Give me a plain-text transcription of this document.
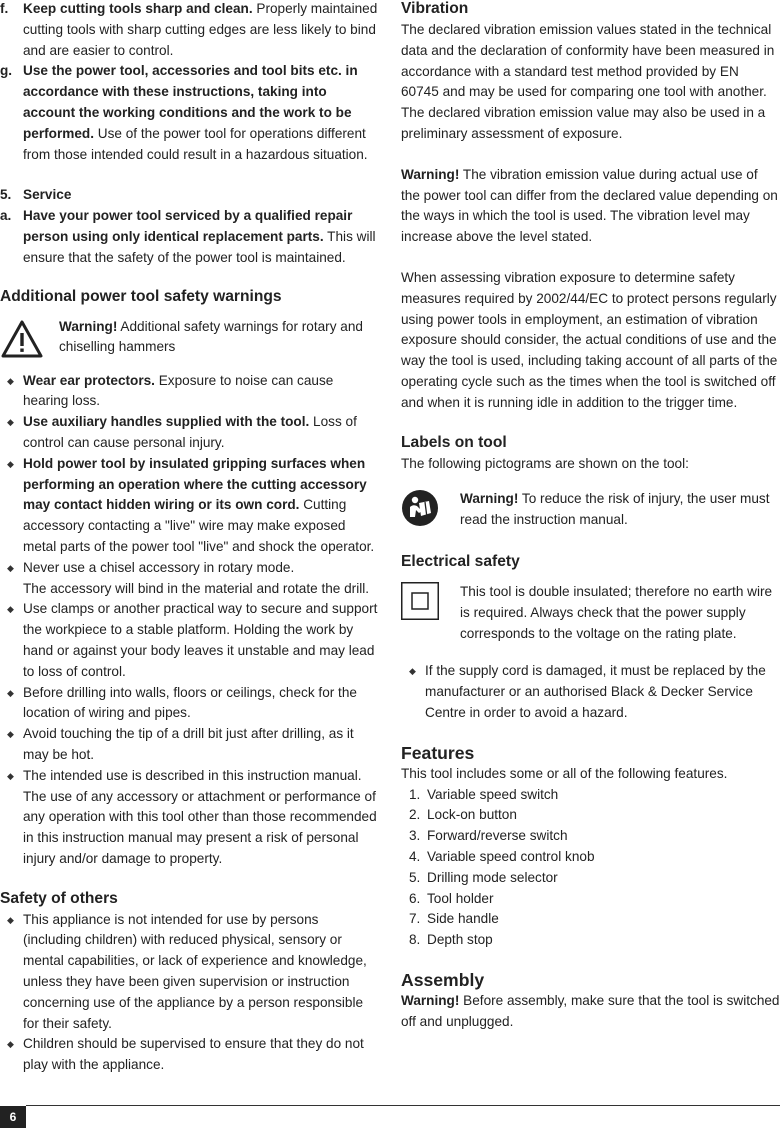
f. Keep cutting tools sharp and clean. Properly maintained cutting tools with sharp cutting edges are less likely to bind and are easier to control.
g. Use the power tool, accessories and tool bits etc. in accordance with these instructions, taking into account the working conditions and the work to be performed. Use of the power tool for operations different from those intended could result in a hazardous situation.
5. Service
a. Have your power tool serviced by a qualified repair person using only identical replacement parts. This will ensure that the safety of the power tool is maintained.
Additional power tool safety warnings
Warning! Additional safety warnings for rotary and chiselling hammers
◆ Wear ear protectors. Exposure to noise can cause hearing loss.
◆ Use auxiliary handles supplied with the tool. Loss of control can cause personal injury.
◆ Hold power tool by insulated gripping surfaces when performing an operation where the cutting accessory may contact hidden wiring or its own cord. Cutting accessory contacting a "live" wire may make exposed metal parts of the power tool "live" and shock the operator.
◆ Never use a chisel accessory in rotary mode.
The accessory will bind in the material and rotate the drill.
◆ Use clamps or another practical way to secure and support the workpiece to a stable platform. Holding the work by hand or against your body leaves it unstable and may lead to loss of control.
◆ Before drilling into walls, floors or ceilings, check for the location of wiring and pipes.
◆ Avoid touching the tip of a drill bit just after drilling, as it may be hot.
◆ The intended use is described in this instruction manual. The use of any accessory or attachment or performance of any operation with this tool other than those recommended in this instruction manual may present a risk of personal injury and/or damage to property.
Safety of others
◆ This appliance is not intended for use by persons (including children) with reduced physical, sensory or mental capabilities, or lack of experience and knowledge, unless they have been given supervision or instruction concerning use of the appliance by a person responsible for their safety.
◆ Children should be supervised to ensure that they do not play with the appliance.
Vibration

The declared vibration emission values stated in the technical data and the declaration of conformity have been measured in accordance with a standard test method provided by EN 60745 and may be used for comparing one tool with another. The declared vibration emission value may also be used in a preliminary assessment of exposure.

Warning! The vibration emission value during actual use of the power tool can differ from the declared value depending on the ways in which the tool is used. The vibration level may increase above the level stated.

When assessing vibration exposure to determine safety measures required by 2002/44/EC to protect persons regularly using power tools in employment, an estimation of vibration exposure should consider, the actual conditions of use and the way the tool is used, including taking account of all parts of the operating cycle such as the times when the tool is switched off and when it is running idle in addition to the trigger time.

Labels on tool

The following pictograms are shown on the tool:

Warning! To reduce the risk of injury, the user must read the instruction manual.
Electrical safety
This tool is double insulated; therefore no earth wire is required. Always check that the power supply corresponds to the voltage on the rating plate.
◆ If the supply cord is damaged, it must be replaced by the manufacturer or an authorised Black & Decker Service Centre in order to avoid a hazard.
Features

This tool includes some or all of the following features.

1. Variable speed switch
2. Lock-on button
3. Forward/reverse switch
4. Variable speed control knob
5. Drilling mode selector
6. Tool holder
7. Side handle
8. Depth stop
Assembly

Warning! Before assembly, make sure that the tool is switched off and unplugged.

6
